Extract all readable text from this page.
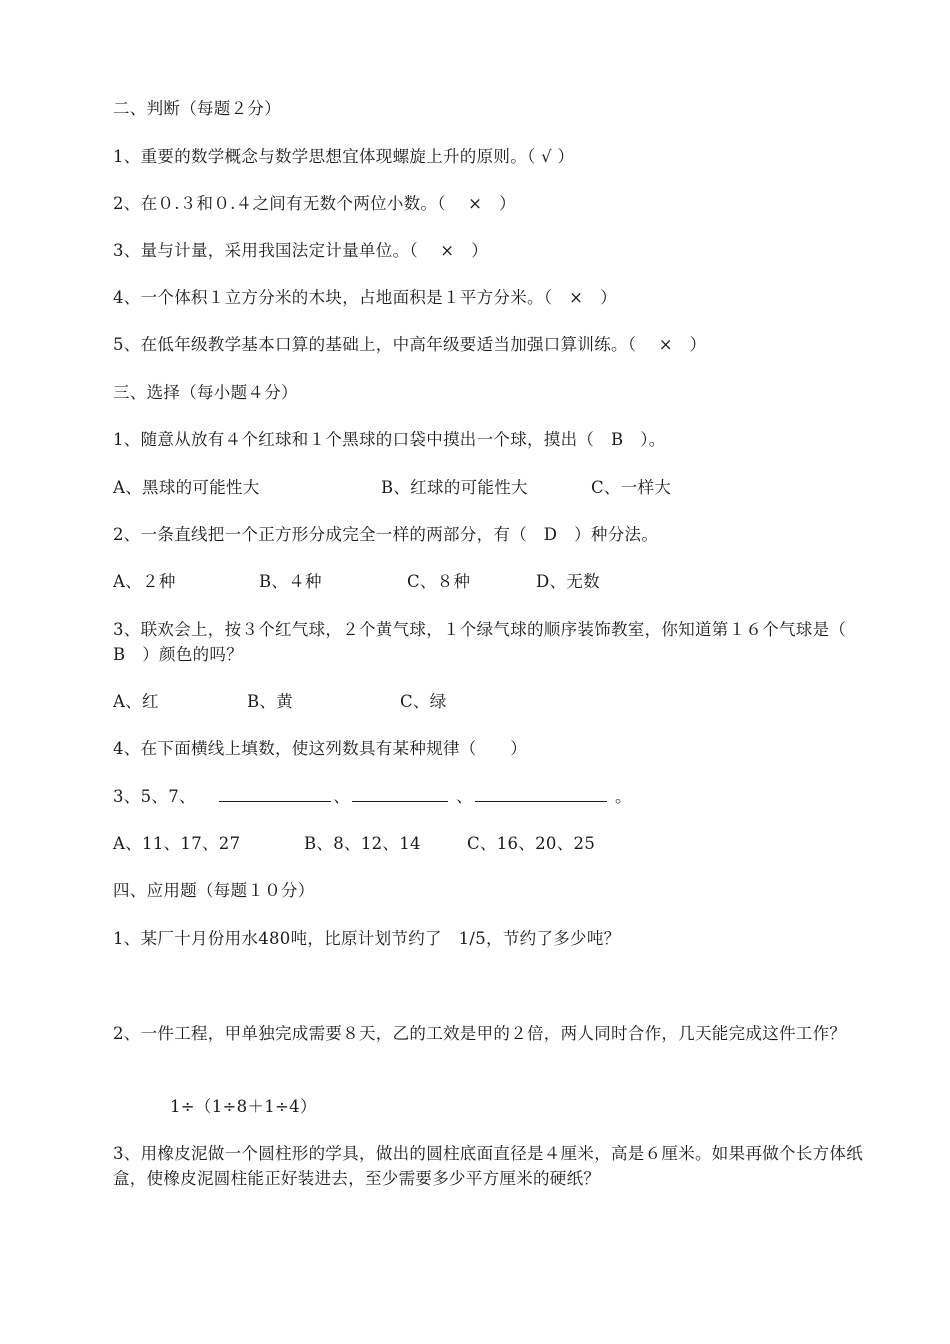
二、判断（每题２分）
1、重要的数学概念与数学思想宜体现螺旋上升的原则。（ √ ）
2、在０.３和０.４之间有无数个两位小数。（　 ×　）
3、量与计量，采用我国法定计量单位。（　 ×　）
4、一个体积１立方分米的木块，占地面积是１平方分米。（　×　）
5、在低年级教学基本口算的基础上，中高年级要适当加强口算训练。（　 ×　）
三、选择（每小题４分）
1、随意从放有４个红球和１个黑球的口袋中摸出一个球，摸出（　B　）。
A、黑球的可能性大	B、红球的可能性大	C、一样大
2、一条直线把一个正方形分成完全一样的两部分，有（　D　）种分法。
A、２种	B、４种	C、８种	D、无数
3、联欢会上，按３个红气球，２个黄气球，１个绿气球的顺序装饰教室，你知道第１６个气球是（　B　）颜色的吗？
A、红	B、黄	C、绿
4、在下面横线上填数，使这列数具有某种规律（　　）
3、5、7、	、	、	。
A、11、17、27	B、8、12、14	C、16、20、25
四、应用题（每题１０分）
1、某厂十月份用水480吨，比原计划节约了　1/5，节约了多少吨？
2、一件工程，甲单独完成需要８天，乙的工效是甲的２倍，两人同时合作，几天能完成这件工作？
1÷（1÷8＋1÷4）
3、用橡皮泥做一个圆柱形的学具，做出的圆柱底面直径是４厘米，高是６厘米。如果再做个长方体纸盒，使橡皮泥圆柱能正好装进去，至少需要多少平方厘米的硬纸？
